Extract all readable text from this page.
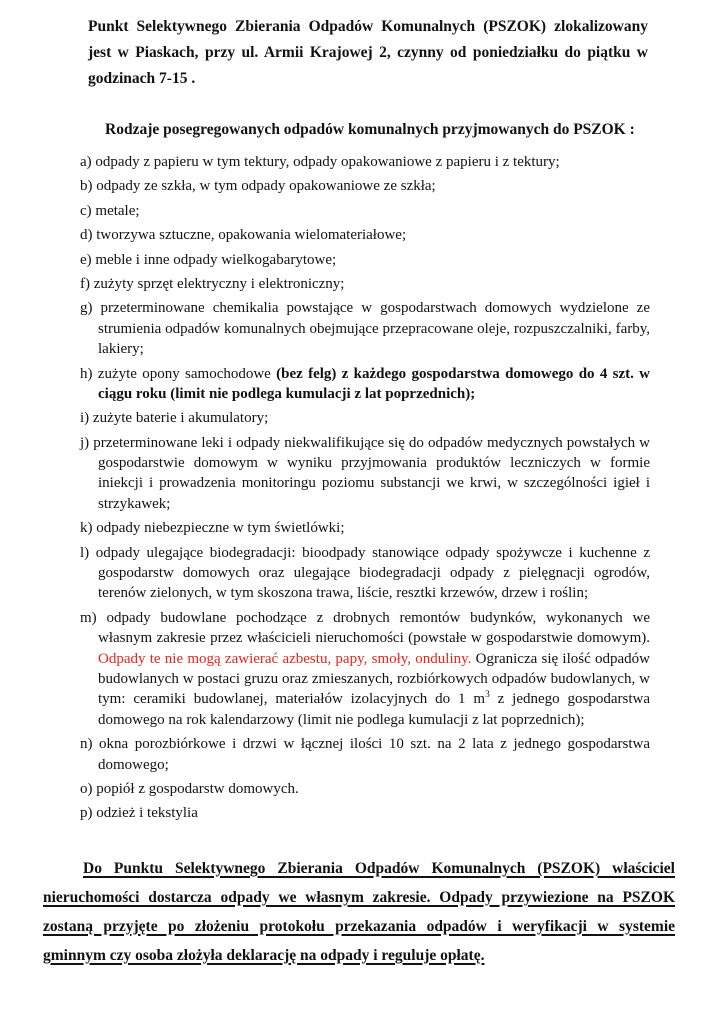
Punkt Selektywnego Zbierania Odpadów Komunalnych (PSZOK) zlokalizowany jest w Piaskach, przy ul. Armii Krajowej 2, czynny od poniedziałku do piątku w godzinach 7-15 .

Rodzaje posegregowanych odpadów komunalnych przyjmowanych do PSZOK :

a) odpady z papieru w tym tektury, odpady opakowaniowe z papieru i z tektury;

b) odpady ze szkła, w tym odpady opakowaniowe ze szkła;

c) metale;

d) tworzywa sztuczne, opakowania wielomateriałowe;

e) meble i inne odpady wielkogabarytowe;

f) zużyty sprzęt elektryczny i elektroniczny;

g) przeterminowane chemikalia powstające w gospodarstwach domowych wydzielone ze strumienia odpadów komunalnych obejmujące przepracowane oleje, rozpuszczalniki, farby, lakiery;

h) zużyte opony samochodowe (bez felg) z każdego gospodarstwa domowego do 4 szt. w ciągu roku (limit nie podlega kumulacji z lat poprzednich);

i) zużyte baterie i akumulatory;

j) przeterminowane leki i odpady niekwalifikujące się do odpadów medycznych powstałych w gospodarstwie domowym w wyniku przyjmowania produktów leczniczych w formie iniekcji i prowadzenia monitoringu poziomu substancji we krwi, w szczególności igieł i strzykawek;

k) odpady niebezpieczne w tym świetlówki;

l) odpady ulegające biodegradacji: bioodpady stanowiące odpady spożywcze i kuchenne z gospodarstw domowych oraz ulegające biodegradacji odpady z pielęgnacji ogrodów, terenów zielonych, w tym skoszona trawa, liście, resztki krzewów, drzew i roślin;

m) odpady budowlane pochodzące z drobnych remontów budynków, wykonanych we własnym zakresie przez właścicieli nieruchomości (powstałe w gospodarstwie domowym). Odpady te nie mogą zawierać azbestu, papy, smoły, onduliny. Ogranicza się ilość odpadów budowlanych w postaci gruzu oraz zmieszanych, rozbiórkowych odpadów budowlanych, w tym: ceramiki budowlanej, materiałów izolacyjnych do 1 $m^3$ z jednego gospodarstwa domowego na rok kalendarzowy (limit nie podlega kumulacji z lat poprzednich);

n) okna porozbiórkowe i drzwi w łącznej ilości 10 szt. na 2 lata z jednego gospodarstwa domowego;

o) popiół z gospodarstw domowych.

p) odzież i tekstylia

Do Punktu Selektywnego Zbierania Odpadów Komunalnych (PSZOK) właściciel nieruchomości dostarcza odpady we własnym zakresie. Odpady przywiezione na PSZOK zostaną przyjęte po złożeniu protokołu przekazania odpadów i weryfikacji w systemie gminnym czy osoba złożyła deklarację na odpady i reguluje opłatę.
